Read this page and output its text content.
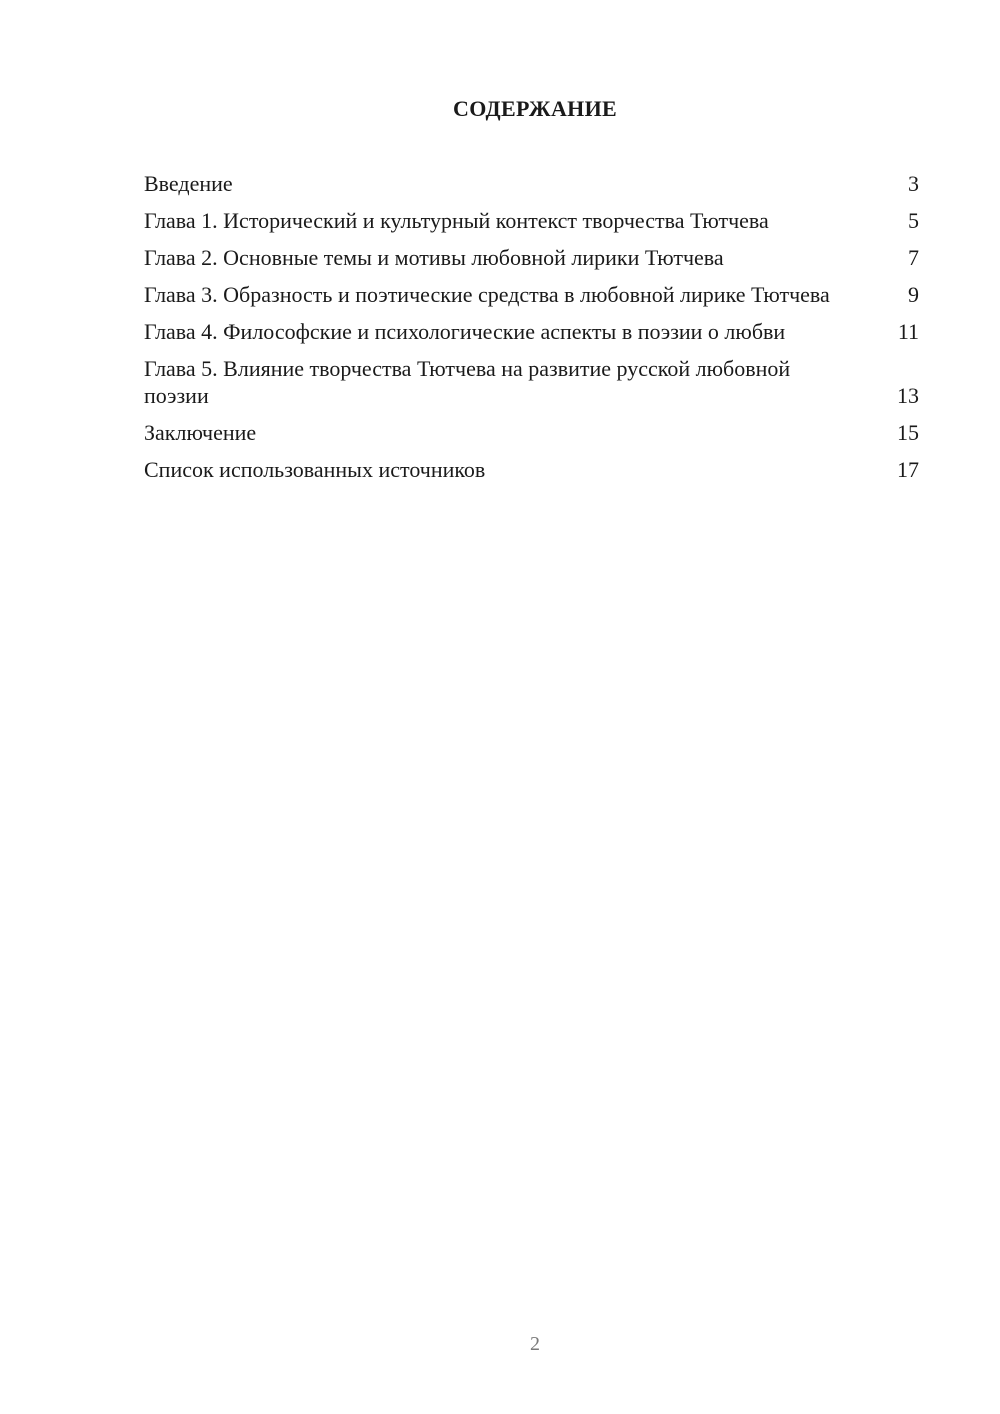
СОДЕРЖАНИЕ
Введение	3
Глава 1. Исторический и культурный контекст творчества Тютчева	5
Глава 2. Основные темы и мотивы любовной лирики Тютчева	7
Глава 3. Образность и поэтические средства в любовной лирике Тютчева	9
Глава 4. Философские и психологические аспекты в поэзии о любви	11
Глава 5. Влияние творчества Тютчева на развитие русской любовной поэзии	13
Заключение	15
Список использованных источников	17
2
